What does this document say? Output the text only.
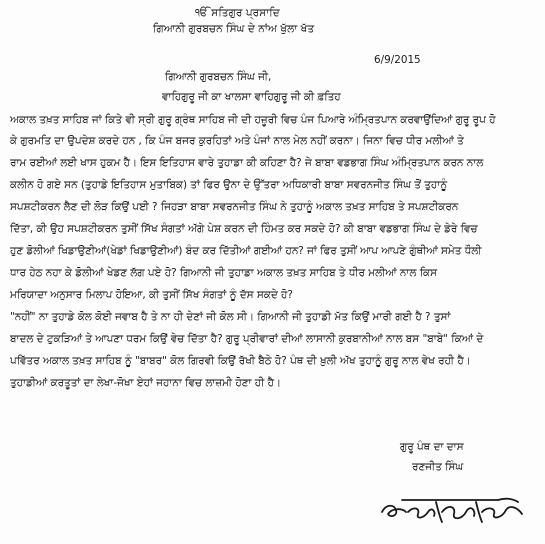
ੴ ਸਤਿਗੁਰ ਪ੍ਰਸਾਦਿ
ਗਿਆਨੀ ਗੁਰਬਚਨ ਸਿੰਘ ਦੇ ਨਾਂਅ ਖੁੱਲਾ ਖੱਤ
6/9/2015
ਗਿਆਨੀ ਗੁਰਬਚਨ ਸਿੰਘ ਜੀ,
ਵਾਹਿਗੁਰੂ ਜੀ ਕਾ ਖਾਲਸਾ ਵਾਹਿਗੁਰੂ ਜੀ ਕੀ ਫ਼ਤਿਹ
ਅਕਾਲ ਤਖ਼ਤ ਸਾਹਿਬ ਜਾਂ ਕਿਤੇ ਵੀ ਸ੍ਰੀ ਗੁਰੂ ਗ੍ਰੰਥ ਸਾਹਿਬ ਜੀ ਦੀ ਹਜ਼ੂਰੀ ਵਿਚ ਪੰਜ ਪਿਆਰੇ ਅੰਮ੍ਰਿਤਪਾਨ ਕਰਵਾਉਂਦਿਆਂ ਗੁਰੂ ਰੂਪ ਹੋ
ਕੇ ਗੁਰਮਤਿ ਦਾ ਉਪਦੇਸ਼ ਕਰਦੇ ਹਨ , ਕਿ ਪੰਜ ਬਜਰ ਕੁਰਹਿਤਾਂ ਅਤੇ ਪੰਜਾਂ ਨਾਲ ਮੇਲ ਨਹੀਂ ਕਰਨਾ। ਜਿਨਾ ਵਿਚ ਧੀਰ ਮਲੀਆਂ ਤੇ
ਰਾਮ ਰਈਆਂ ਲਈ ਖਾਸ ਹੁਕਮ ਹੈ। ਇਸ ਇਤਿਹਾਸ ਵਾਰੇ ਤੁਹਾਡਾ ਕੀ ਕਹਿਣਾ ਹੈ? ਜੇ ਬਾਬਾ ਵਡਭਾਗ ਸਿੰਘ ਅੰਮ੍ਰਿਤਪਾਨ ਕਰਨ ਨਾਲ
ਕਲੀਨ ਹੋ ਗਏ ਸਨ (ਤੁਹਾਡੇ ਇਤਿਹਾਸ ਮੁਤਾਬਿਕ) ਤਾਂ ਫਿਰ ਉਨਾ ਦੇ ਉੱਤਰਾ ਅਧਿਕਾਰੀ ਬਾਬਾ ਸਵਰਨਜੀਤ ਸਿੰਘ ਤੋਂ ਤੁਹਾਨੂੰ
ਸਪਸ਼ਟੀਕਰਨ ਲੈਣ ਦੀ ਲੋੜ ਕਿਉਂ ਪਈ ? ਜਿਹੜਾ ਬਾਬਾ ਸਵਰਨਜੀਤ ਸਿੰਘ ਨੇ ਤੁਹਾਨੂੰ ਅਕਾਲ ਤਖ਼ਤ ਸਾਹਿਬ ਤੇ ਸਪਸ਼ਟੀਕਰਨ
ਦਿੱਤਾ, ਕੀ ਉਹ ਸਪਸ਼ਟੀਕਰਨ ਤੁਸੀਂ ਸਿੱਖ ਸੰਗਤਾਂ ਅੱਗੇ ਪੇਸ਼ ਕਰਨ ਦੀ ਹਿੰਮਤ ਕਰ ਸਕਦੇ ਹੋ? ਕੀ ਬਾਬਾ ਵਡਭਾਗ ਸਿੰਘ ਦੇ ਡੇਰੇ ਵਿਚ
ਹੁਣ ਡੋਲੀਆਂ ਖਿਡਾਉਣੀਆਂ(ਖੇਡਾਂ ਖਿਡਾਉਣੀਆਂ) ਬੰਦ ਕਰ ਦਿੱਤੀਆਂ ਗਈਆਂ ਹਨ? ਜਾਂ ਫਿਰ ਤੁਸੀਂ ਆਪ ਆਪਣੇ ਗੁੰਥੀਆਂ ਸਮੇਤ ਧੌਲੀ
ਧਾਰ ਹੇਠ ਨਹਾ ਕੇ ਡੋਲੀਆਂ ਖੇਡਣ ਲੱਗ ਪਏ ਹੋ? ਗਿਆਨੀ ਜੀ ਤੁਹਾਡਾ ਅਕਾਲ ਤਖ਼ਤ ਸਾਹਿਬ ਤੇ ਧੀਰ ਮਲੀਆਂ ਨਾਲ ਕਿਸ
ਮਰਿਯਾਦਾ ਅਨੁਸਾਰ ਮਿਲਾਪ ਹੋਇਆ, ਕੀ ਤੁਸੀਂ ਸਿੱਖ ਸੰਗਤਾਂ ਨੂੰ ਦੱਸ ਸਕਦੇ ਹੋ?
"ਨਹੀਂ" ਨਾ ਤੁਹਾਡੇ ਕੋਲ ਕੋਈ ਜਵਾਬ ਹੈ ਤੇ ਨਾ ਹੀ ਦੇਣਾਂ ਜੀ ਕੋਲ ਸੀ। ਗਿਆਨੀ ਜੀ ਤੁਹਾਡੀ ਮੱਤ ਕਿਉਂ ਮਾਰੀ ਗਈ ਹੈ ? ਤੁਸਾਂ
ਬਾਦਲ ਦੇ ਟੁਕੜਿਆਂ ਤੇ ਆਪਣਾ ਧਰਮ ਕਿਉਂ ਵੇਚ ਦਿੱਤਾ ਹੈ? ਗੁਰੂ ਪ੍ਰੀਵਾਰਾਂ ਦੀਆਂ ਲਾਸਾਨੀ ਕੁਰਬਾਨੀਆਂ ਨਾਲ ਬਸ "ਬਾਬੇ" ਕਿਆਂ ਦੇ
ਪਵਿੱਤਰ ਅਕਾਲ ਤਖ਼ਤ ਸਾਹਿਬ ਨੂੰ "ਬਾਬਰ" ਕੋਲ ਗਿਰਵੀ ਕਿਉਂ ਰੱਖੀ ਬੈਠੇ ਹੋ? ਪੰਥ ਦੀ ਖ਼ੁਲੀ ਅੱਖ ਤੁਹਾਨੂੰ ਗੁਰੂ ਨਾਲ ਵੇਖ ਰਹੀ ਹੈ।
ਤੁਹਾਡੀਆਂ ਕਰਤੂਤਾਂ ਦਾ ਲੇਖਾ-ਜੋਖਾ ਏਹਾਂ ਜਹਾਨਾ ਵਿਚ ਲਾਜ਼ਮੀ ਹੋਣਾ ਹੀ ਹੈ।
ਗੁਰੂ ਪੰਥ ਦਾ ਦਾਸ
ਰਣਜੀਤ ਸਿੰਘ
